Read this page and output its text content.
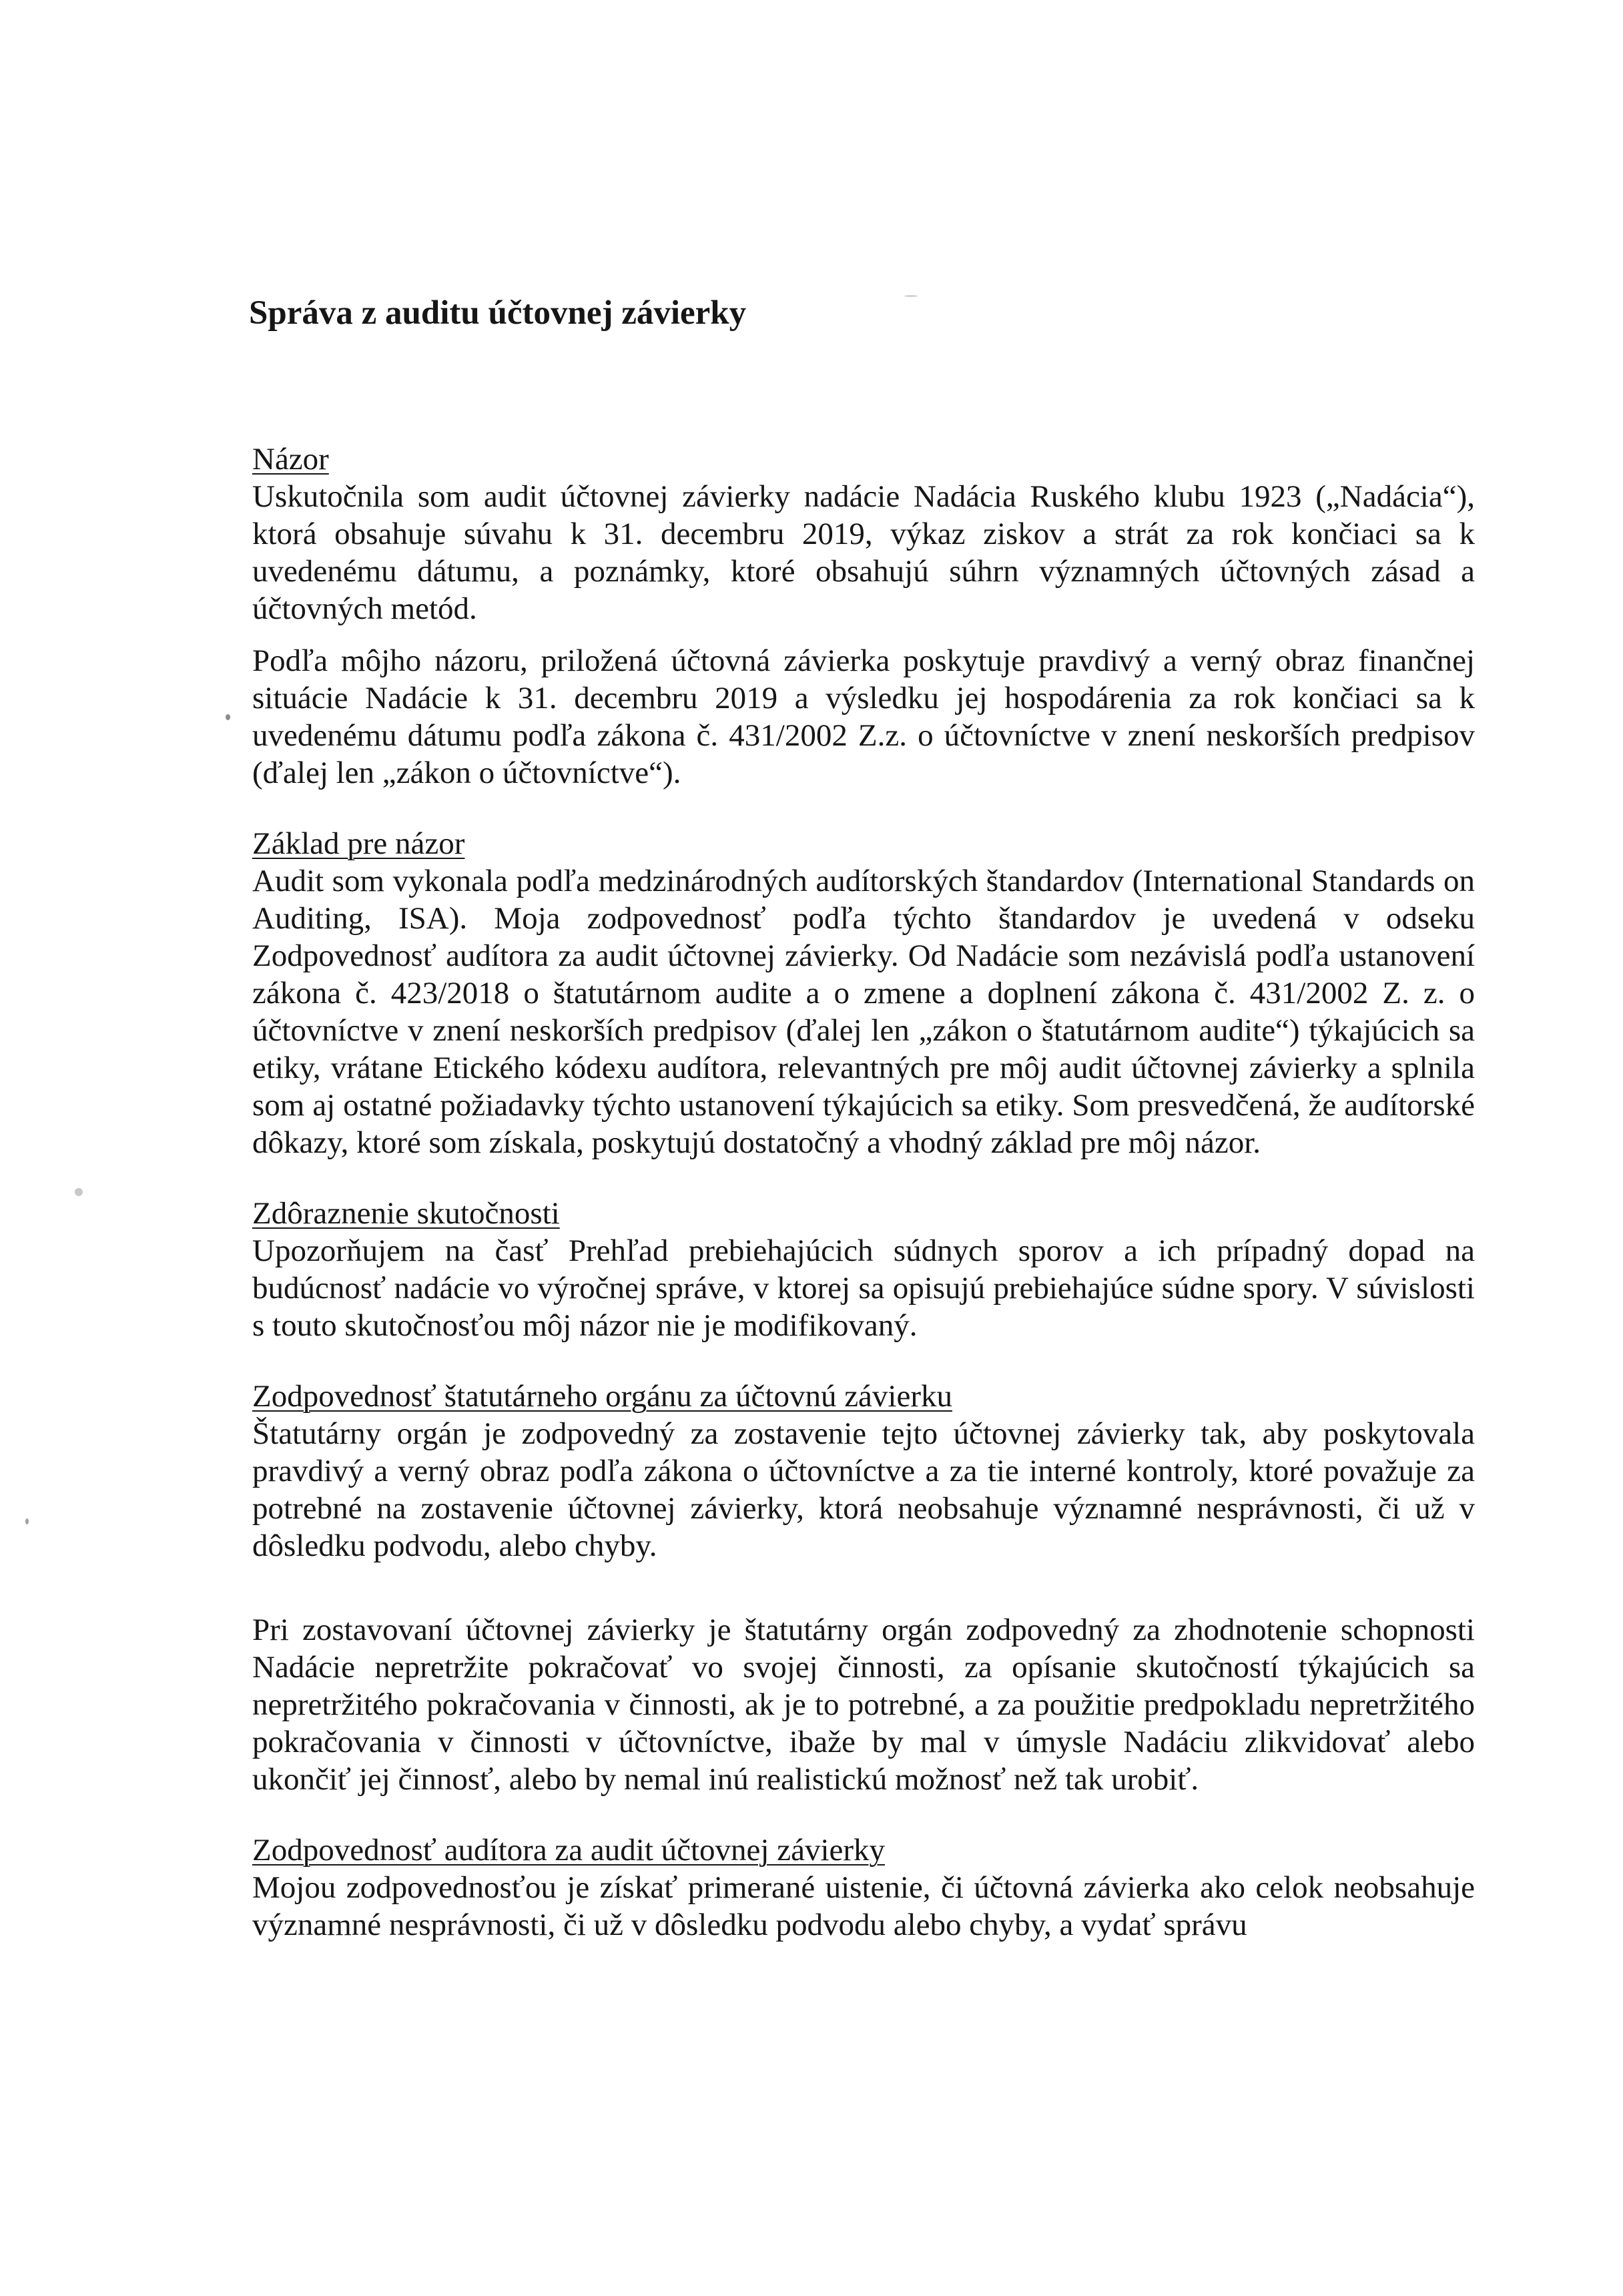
Správa z auditu účtovnej závierky
Názor

Uskutočnila som audit účtovnej závierky nadácie Nadácia Ruského klubu 1923 („Nadácia“), ktorá obsahuje súvahu k 31. decembru 2019, výkaz ziskov a strát za rok končiaci sa k uvedenému dátumu, a poznámky, ktoré obsahujú súhrn významných účtovných zásad a účtovných metód.

Podľa môjho názoru, priložená účtovná závierka poskytuje pravdivý a verný obraz finančnej situácie Nadácie k 31. decembru 2019 a výsledku jej hospodárenia za rok končiaci sa k uvedenému dátumu podľa zákona č. 431/2002 Z.z. o účtovníctve v znení neskorších predpisov (ďalej len „zákon o účtovníctve“).

Základ pre názor

Audit som vykonala podľa medzinárodných audítorských štandardov (International Standards on Auditing, ISA). Moja zodpovednosť podľa týchto štandardov je uvedená v odseku Zodpovednosť audítora za audit účtovnej závierky. Od Nadácie som nezávislá podľa ustanovení zákona č. 423/2018 o štatutárnom audite a o zmene a doplnení zákona č. 431/2002 Z. z. o účtovníctve v znení neskorších predpisov (ďalej len „zákon o štatutárnom audite“) týkajúcich sa etiky, vrátane Etického kódexu audítora, relevantných pre môj audit účtovnej závierky a splnila som aj ostatné požiadavky týchto ustanovení týkajúcich sa etiky. Som presvedčená, že audítorské dôkazy, ktoré som získala, poskytujú dostatočný a vhodný základ pre môj názor.

Zdôraznenie skutočnosti

Upozorňujem na časť Prehľad prebiehajúcich súdnych sporov a ich prípadný dopad na budúcnosť nadácie vo výročnej správe, v ktorej sa opisujú prebiehajúce súdne spory. V súvislosti s touto skutočnosťou môj názor nie je modifikovaný.

Zodpovednosť štatutárneho orgánu za účtovnú závierku

Štatutárny orgán je zodpovedný za zostavenie tejto účtovnej závierky tak, aby poskytovala pravdivý a verný obraz podľa zákona o účtovníctve a za tie interné kontroly, ktoré považuje za potrebné na zostavenie účtovnej závierky, ktorá neobsahuje významné nesprávnosti, či už v dôsledku podvodu, alebo chyby.

Pri zostavovaní účtovnej závierky je štatutárny orgán zodpovedný za zhodnotenie schopnosti Nadácie nepretržite pokračovať vo svojej činnosti, za opísanie skutočností týkajúcich sa nepretržitého pokračovania v činnosti, ak je to potrebné, a za použitie predpokladu nepretržitého pokračovania v činnosti v účtovníctve, ibaže by mal v úmysle Nadáciu zlikvidovať alebo ukončiť jej činnosť, alebo by nemal inú realistickú možnosť než tak urobiť.

Zodpovednosť audítora za audit účtovnej závierky

Mojou zodpovednosťou je získať primerané uistenie, či účtovná závierka ako celok neobsahuje významné nesprávnosti, či už v dôsledku podvodu alebo chyby, a vydať správu
